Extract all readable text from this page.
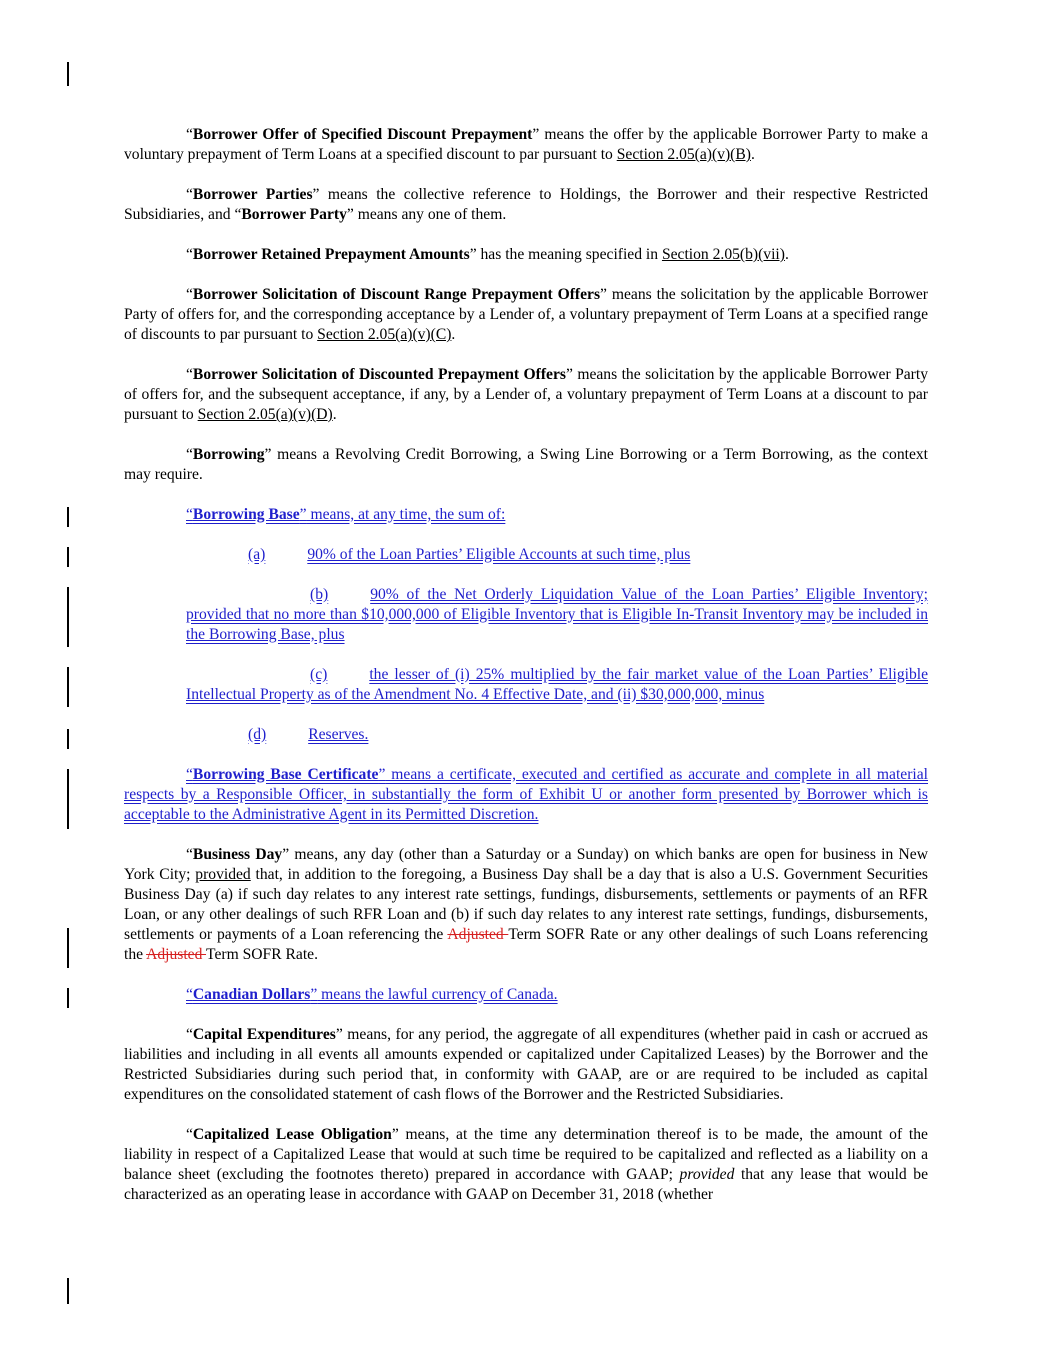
“Borrower Offer of Specified Discount Prepayment” means the offer by the applicable Borrower Party to make a voluntary prepayment of Term Loans at a specified discount to par pursuant to Section 2.05(a)(v)(B).

“Borrower Parties” means the collective reference to Holdings, the Borrower and their respective Restricted Subsidiaries, and “Borrower Party” means any one of them.

“Borrower Retained Prepayment Amounts” has the meaning specified in Section 2.05(b)(vii).

“Borrower Solicitation of Discount Range Prepayment Offers” means the solicitation by the applicable Borrower Party of offers for, and the corresponding acceptance by a Lender of, a voluntary prepayment of Term Loans at a specified range of discounts to par pursuant to Section 2.05(a)(v)(C).

“Borrower Solicitation of Discounted Prepayment Offers” means the solicitation by the applicable Borrower Party of offers for, and the subsequent acceptance, if any, by a Lender of, a voluntary prepayment of Term Loans at a discount to par pursuant to Section 2.05(a)(v)(D).

“Borrowing” means a Revolving Credit Borrowing, a Swing Line Borrowing or a Term Borrowing, as the context may require.

“Borrowing Base” means, at any time, the sum of:

(a)	90% of the Loan Parties’ Eligible Accounts at such time, plus

(b)	90% of the Net Orderly Liquidation Value of the Loan Parties’ Eligible Inventory; provided that no more than $10,000,000 of Eligible Inventory that is Eligible In-Transit Inventory may be included in the Borrowing Base, plus

(c)	the lesser of (i) 25% multiplied by the fair market value of the Loan Parties’ Eligible Intellectual Property as of the Amendment No. 4 Effective Date, and (ii) $30,000,000, minus

(d)	Reserves.

“Borrowing Base Certificate” means a certificate, executed and certified as accurate and complete in all material respects by a Responsible Officer, in substantially the form of Exhibit U or another form presented by Borrower which is acceptable to the Administrative Agent in its Permitted Discretion.

“Business Day” means, any day (other than a Saturday or a Sunday) on which banks are open for business in New York City; provided that, in addition to the foregoing, a Business Day shall be a day that is also a U.S. Government Securities Business Day (a) if such day relates to any interest rate settings, fundings, disbursements, settlements or payments of an RFR Loan, or any other dealings of such RFR Loan and (b) if such day relates to any interest rate settings, fundings, disbursements, settlements or payments of a Loan referencing the Adjusted Term SOFR Rate or any other dealings of such Loans referencing the Adjusted Term SOFR Rate.

“Canadian Dollars” means the lawful currency of Canada.

“Capital Expenditures” means, for any period, the aggregate of all expenditures (whether paid in cash or accrued as liabilities and including in all events all amounts expended or capitalized under Capitalized Leases) by the Borrower and the Restricted Subsidiaries during such period that, in conformity with GAAP, are or are required to be included as capital expenditures on the consolidated statement of cash flows of the Borrower and the Restricted Subsidiaries.

“Capitalized Lease Obligation” means, at the time any determination thereof is to be made, the amount of the liability in respect of a Capitalized Lease that would at such time be required to be capitalized and reflected as a liability on a balance sheet (excluding the footnotes thereto) prepared in accordance with GAAP; provided that any lease that would be characterized as an operating lease in accordance with GAAP on December 31, 2018 (whether
